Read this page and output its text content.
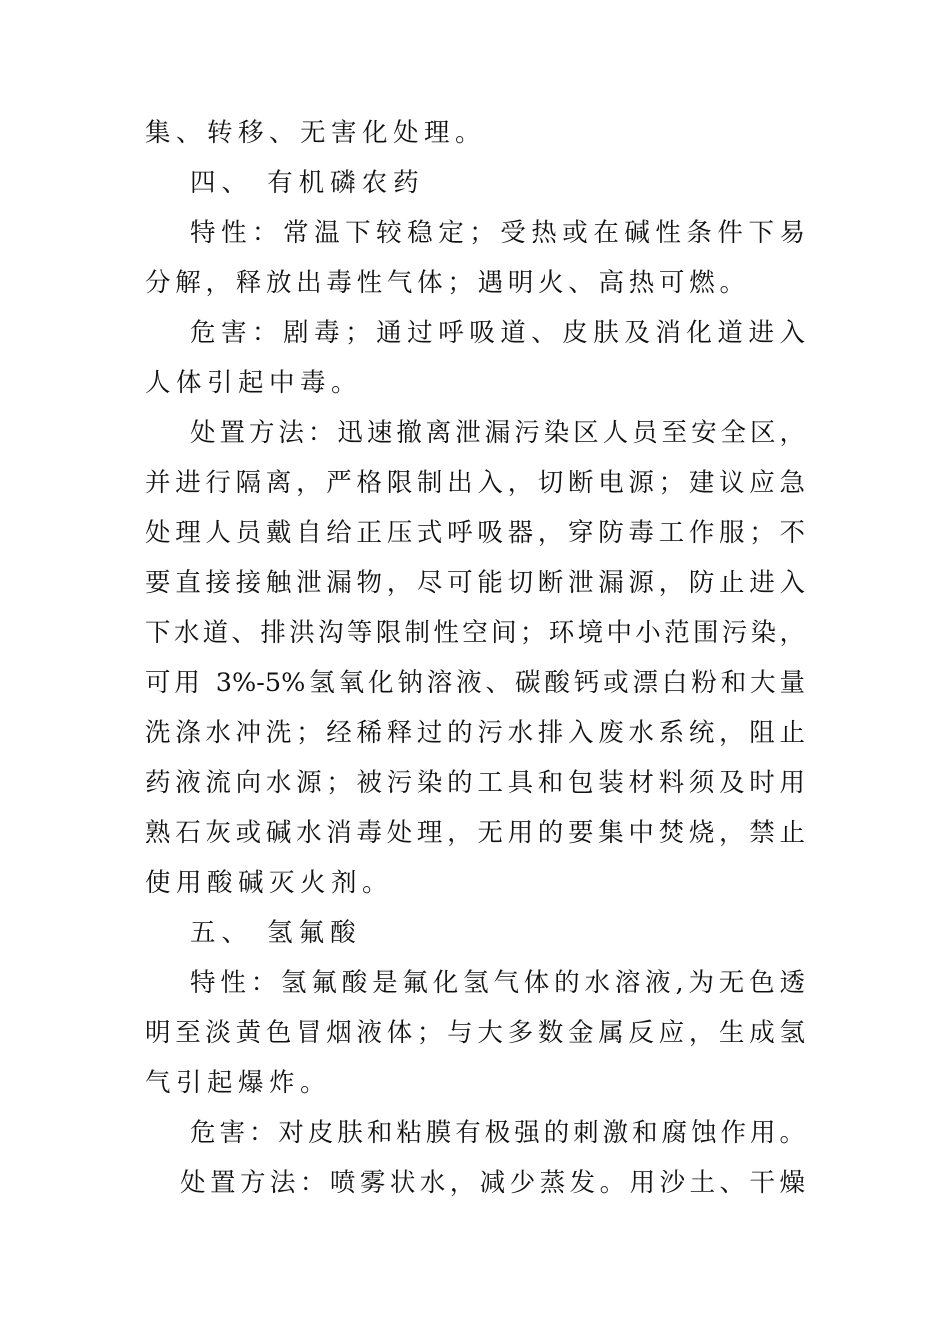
集、转移、无害化处理。
四、 有机磷农药
特性：常温下较稳定；受热或在碱性条件下易
分解，释放出毒性气体；遇明火、高热可燃。
危害：剧毒；通过呼吸道、皮肤及消化道进入
人体引起中毒。
处置方法：迅速撤离泄漏污染区人员至安全区，
并进行隔离，严格限制出入，切断电源；建议应急
处理人员戴自给正压式呼吸器，穿防毒工作服；不
要直接接触泄漏物，尽可能切断泄漏源，防止进入
下水道、排洪沟等限制性空间；环境中小范围污染，
可用 3%-5%氢氧化钠溶液、碳酸钙或漂白粉和大量
洗涤水冲洗；经稀释过的污水排入废水系统，阻止
药液流向水源；被污染的工具和包装材料须及时用
熟石灰或碱水消毒处理，无用的要集中焚烧，禁止
使用酸碱灭火剂。
五、 氢氟酸
特性：氢氟酸是氟化氢气体的水溶液,为无色透
明至淡黄色冒烟液体；与大多数金属反应，生成氢
气引起爆炸。
危害：对皮肤和粘膜有极强的刺激和腐蚀作用。
处置方法：喷雾状水，减少蒸发。用沙土、干燥
